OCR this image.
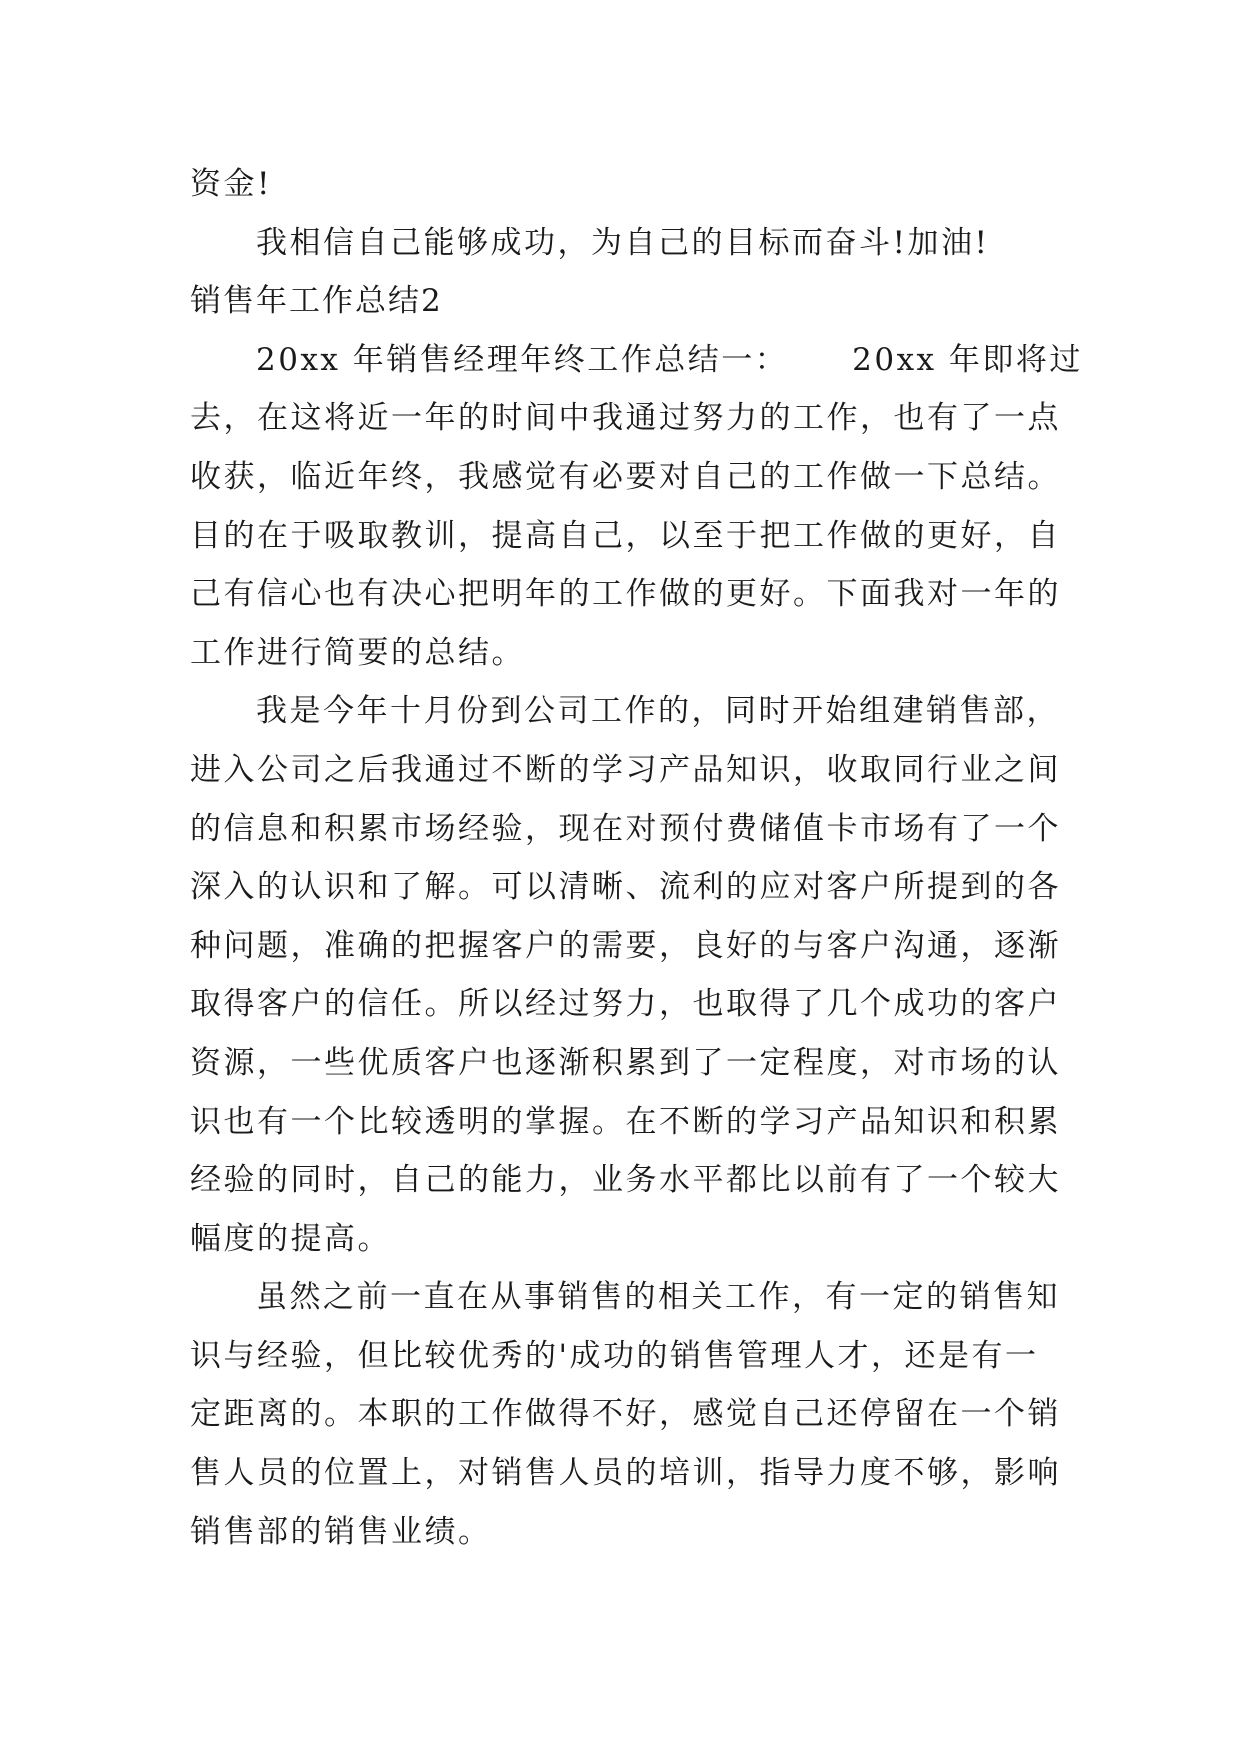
资金!
我相信自己能够成功，为自己的目标而奋斗!加油!
销售年工作总结2
20xx 年销售经理年终工作总结一：　　 20xx 年即将过
去，在这将近一年的时间中我通过努力的工作，也有了一点
收获，临近年终，我感觉有必要对自己的工作做一下总结。
目的在于吸取教训，提高自己，以至于把工作做的更好，自
己有信心也有决心把明年的工作做的更好。下面我对一年的
工作进行简要的总结。
我是今年十月份到公司工作的，同时开始组建销售部，
进入公司之后我通过不断的学习产品知识，收取同行业之间
的信息和积累市场经验，现在对预付费储值卡市场有了一个
深入的认识和了解。可以清晰、流利的应对客户所提到的各
种问题，准确的把握客户的需要，良好的与客户沟通，逐渐
取得客户的信任。所以经过努力，也取得了几个成功的客户
资源，一些优质客户也逐渐积累到了一定程度，对市场的认
识也有一个比较透明的掌握。在不断的学习产品知识和积累
经验的同时，自己的能力，业务水平都比以前有了一个较大
幅度的提高。
虽然之前一直在从事销售的相关工作，有一定的销售知
识与经验，但比较优秀的'成功的销售管理人才，还是有一
定距离的。本职的工作做得不好，感觉自己还停留在一个销
售人员的位置上，对销售人员的培训，指导力度不够，影响
销售部的销售业绩。
